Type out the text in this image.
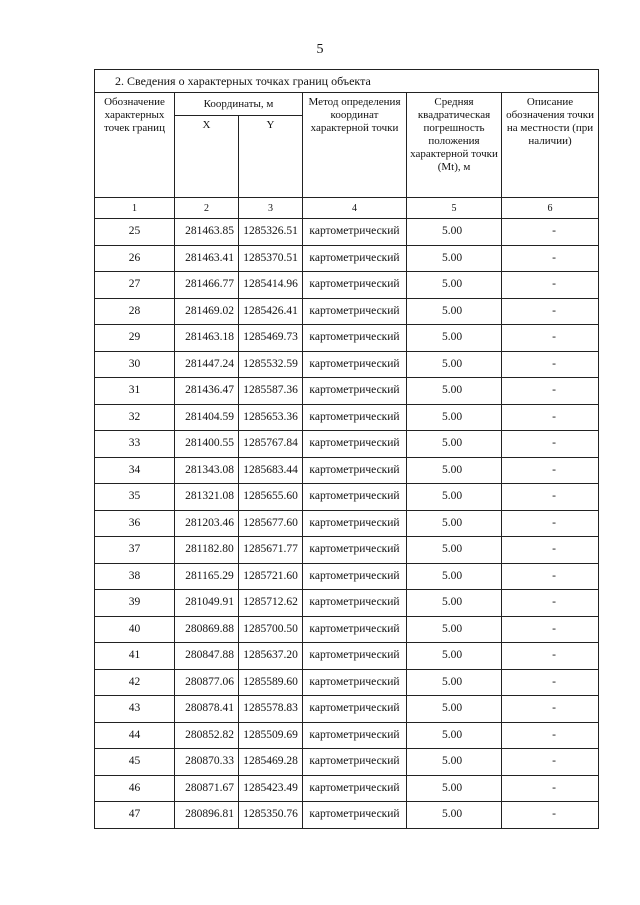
5
2. Сведения о характерных точках границ объекта					
Обозначение характерных точек границ	Координаты, м		Метод определения координат характерной точки	Средняя квадратическая погрешность положения характерной точки (Mt), м	Описание обозначения точки на местности (при наличии)
	X	Y			
1	2	3	4	5	6
25	281463.85	1285326.51	картометрический	5.00	-
26	281463.41	1285370.51	картометрический	5.00	-
27	281466.77	1285414.96	картометрический	5.00	-
28	281469.02	1285426.41	картометрический	5.00	-
29	281463.18	1285469.73	картометрический	5.00	-
30	281447.24	1285532.59	картометрический	5.00	-
31	281436.47	1285587.36	картометрический	5.00	-
32	281404.59	1285653.36	картометрический	5.00	-
33	281400.55	1285767.84	картометрический	5.00	-
34	281343.08	1285683.44	картометрический	5.00	-
35	281321.08	1285655.60	картометрический	5.00	-
36	281203.46	1285677.60	картометрический	5.00	-
37	281182.80	1285671.77	картометрический	5.00	-
38	281165.29	1285721.60	картометрический	5.00	-
39	281049.91	1285712.62	картометрический	5.00	-
40	280869.88	1285700.50	картометрический	5.00	-
41	280847.88	1285637.20	картометрический	5.00	-
42	280877.06	1285589.60	картометрический	5.00	-
43	280878.41	1285578.83	картометрический	5.00	-
44	280852.82	1285509.69	картометрический	5.00	-
45	280870.33	1285469.28	картометрический	5.00	-
46	280871.67	1285423.49	картометрический	5.00	-
47	280896.81	1285350.76	картометрический	5.00	-
